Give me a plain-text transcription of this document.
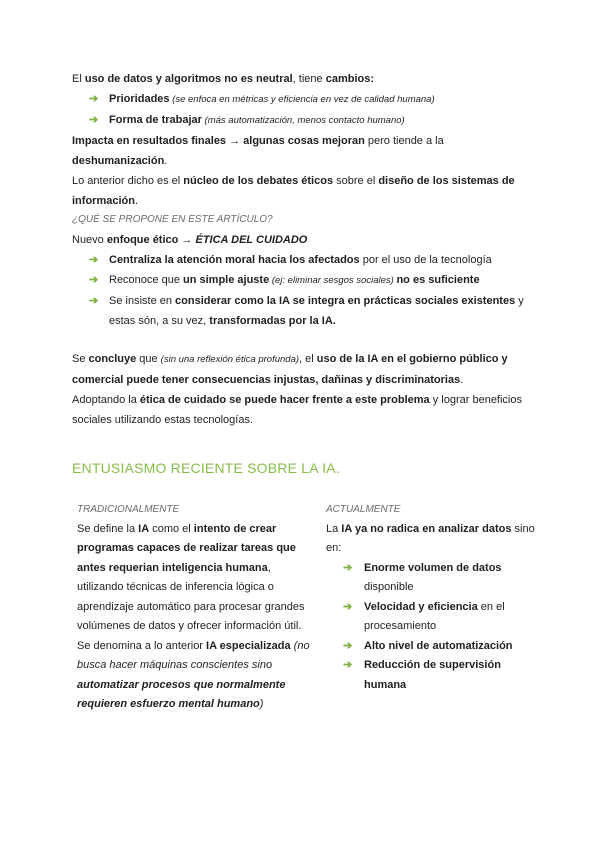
El uso de datos y algoritmos no es neutral, tiene cambios:

➔ Prioridades (se enfoca en métricas y eficiencia en vez de calidad humana)
➔ Forma de trabajar (más automatización, menos contacto humano)

Impacta en resultados finales → algunas cosas mejoran pero tiende a la deshumanización.

Lo anterior dicho es el núcleo de los debates éticos sobre el diseño de los sistemas de información.

¿QUÉ SE PROPONE EN ESTE ARTÍCULO?

Nuevo enfoque ético → ÉTICA DEL CUIDADO

➔ Centraliza la atención moral hacia los afectados por el uso de la tecnología
➔ Reconoce que un simple ajuste (ej: eliminar sesgos sociales) no es suficiente
➔ Se insiste en considerar como la IA se integra en prácticas sociales existentes y estas són, a su vez, transformadas por la IA.

Se concluye que (sin una reflexión ética profunda), el uso de la IA en el gobierno público y comercial puede tener consecuencias injustas, dañinas y discriminatorias.

Adoptando la ética de cuidado se puede hacer frente a este problema y lograr beneficios sociales utilizando estas tecnologías.

ENTUSIASMO RECIENTE SOBRE LA IA.

TRADICIONALMENTE

Se define la IA como el intento de crear programas capaces de realizar tareas que antes requerian inteligencia humana, utilizando técnicas de inferencia lógica o aprendizaje automático para procesar grandes volúmenes de datos y ofrecer información útil.

Se denomina a lo anterior IA especializada (no busca hacer máquinas conscientes sino automatizar procesos que normalmente requieren esfuerzo mental humano)

ACTUALMENTE

La IA ya no radica en analizar datos sino en:

➔ Enorme volumen de datos disponible
➔ Velocidad y eficiencia en el procesamiento
➔ Alto nivel de automatización
➔ Reducción de supervisión humana
